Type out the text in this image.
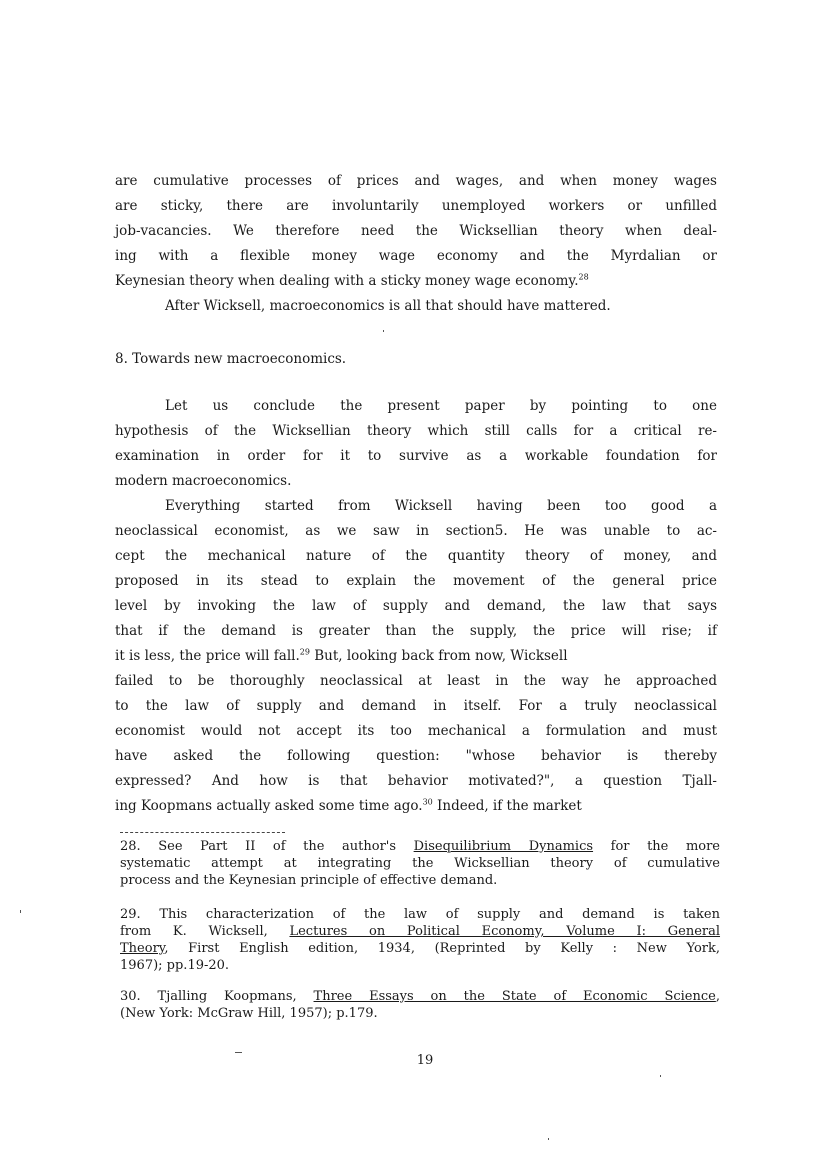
are cumulative processes of prices and wages, and when money wages
are sticky, there are involuntarily unemployed workers or unfilled
job-vacancies. We therefore need the Wicksellian theory when deal-
ing with a flexible money wage economy and the Myrdalian or
Keynesian theory when dealing with a sticky money wage economy.$^{28}$
After Wicksell, macroeconomics is all that should have mattered.
8. Towards new macroeconomics.
Let us conclude the present paper by pointing to one
hypothesis of the Wicksellian theory which still calls for a critical re-
examination in order for it to survive as a workable foundation for
modern macroeconomics.
Everything started from Wicksell having been too good a
neoclassical economist, as we saw in section5. He was unable to ac-
cept the mechanical nature of the quantity theory of money, and
proposed in its stead to explain the movement of the general price
level by invoking the law of supply and demand, the law that says
that if the demand is greater than the supply, the price will rise; if
it is less, the price will fall.$^{29}$ But, looking back from now, Wicksell
failed to be thoroughly neoclassical at least in the way he approached
to the law of supply and demand in itself. For a truly neoclassical
economist would not accept its too mechanical a formulation and must
have asked the following question: "whose behavior is thereby
expressed? And how is that behavior motivated?", a question Tjall-
ing Koopmans actually asked some time ago.$^{30}$ Indeed, if the market
28. See Part II of the author's Disequilibrium Dynamics for the more
systematic attempt at integrating the Wicksellian theory of cumulative
process and the Keynesian principle of effective demand.
29. This characterization of the law of supply and demand is taken
from K. Wicksell, Lectures on Political Economy, Volume I: General
Theory, First English edition, 1934, (Reprinted by Kelly : New York,
1967); pp.19-20.
30. Tjalling Koopmans, Three Essays on the State of Economic Science,
(New York: McGraw Hill, 1957); p.179.
19
